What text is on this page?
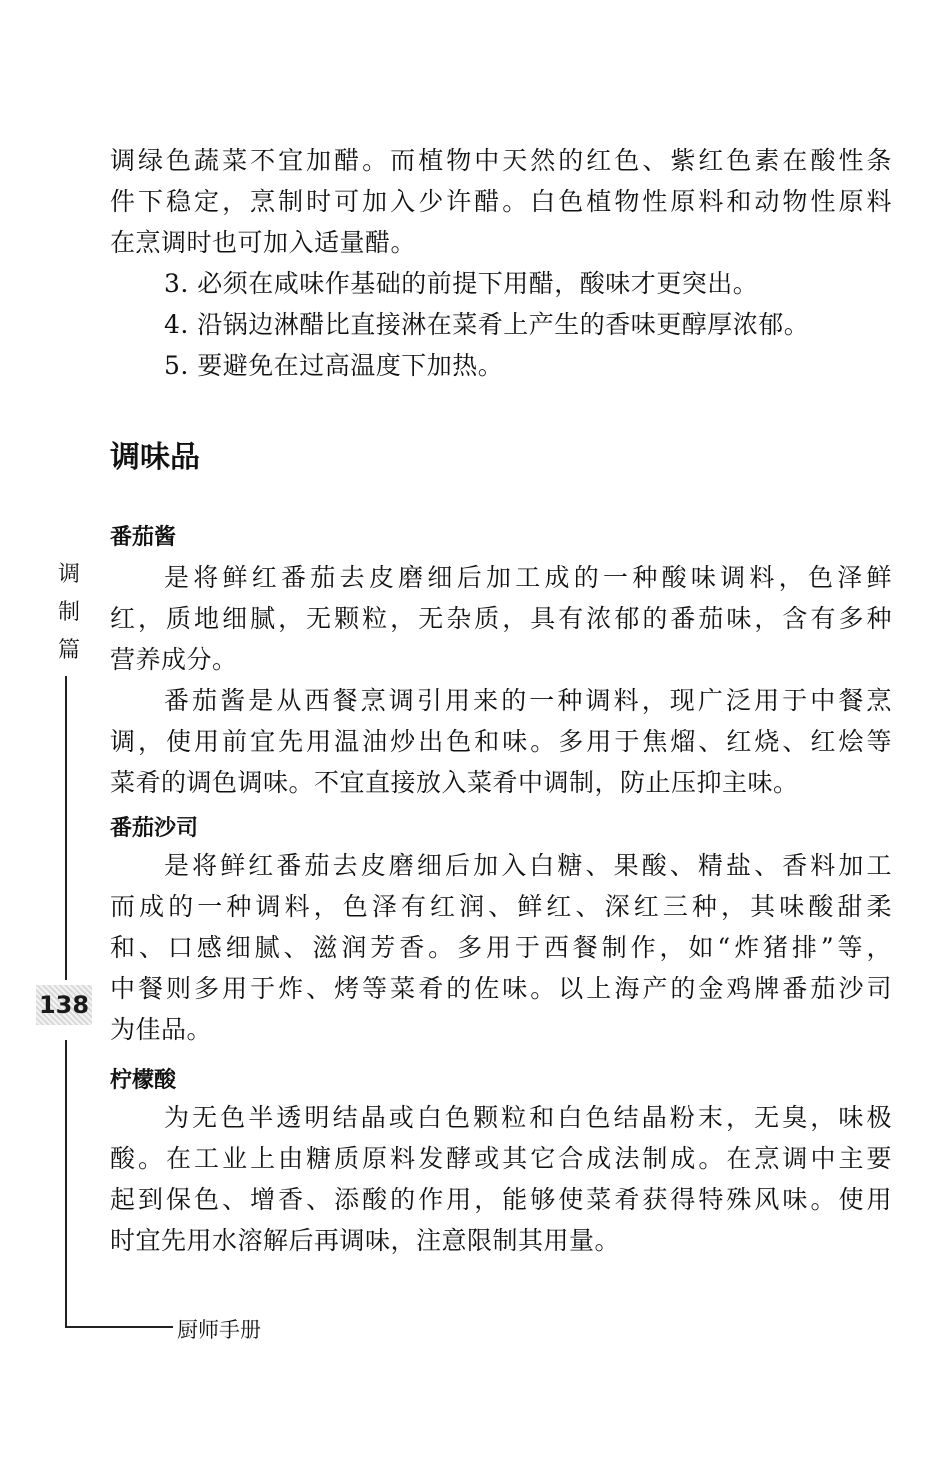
调绿色蔬菜不宜加醋。而植物中天然的红色、紫红色素在酸性条

件下稳定，烹制时可加入少许醋。白色植物性原料和动物性原料

在烹调时也可加入适量醋。

3. 必须在咸味作基础的前提下用醋，酸味才更突出。

4. 沿锅边淋醋比直接淋在菜肴上产生的香味更醇厚浓郁。

5. 要避免在过高温度下加热。

调味品
番茄酱

是将鲜红番茄去皮磨细后加工成的一种酸味调料，色泽鲜

红，质地细腻，无颗粒，无杂质，具有浓郁的番茄味，含有多种

营养成分。

番茄酱是从西餐烹调引用来的一种调料，现广泛用于中餐烹

调，使用前宜先用温油炒出色和味。多用于焦熘、红烧、红烩等

菜肴的调色调味。不宜直接放入菜肴中调制，防止压抑主味。

番茄沙司

是将鲜红番茄去皮磨细后加入白糖、果酸、精盐、香料加工

而成的一种调料，色泽有红润、鲜红、深红三种，其味酸甜柔

和、口感细腻、滋润芳香。多用于西餐制作，如“炸猪排”等，

中餐则多用于炸、烤等菜肴的佐味。以上海产的金鸡牌番茄沙司

为佳品。

柠檬酸

为无色半透明结晶或白色颗粒和白色结晶粉末，无臭，味极

酸。在工业上由糖质原料发酵或其它合成法制成。在烹调中主要

起到保色、增香、添酸的作用，能够使菜肴获得特殊风味。使用

时宜先用水溶解后再调味，注意限制其用量。

调
制
篇
138
厨师手册
